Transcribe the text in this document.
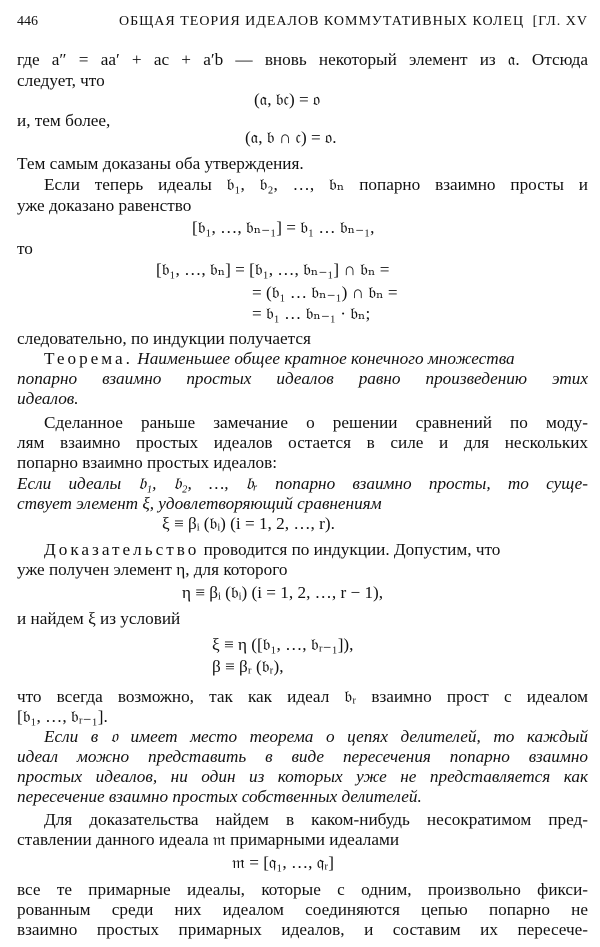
446	ОБЩАЯ ТЕОРИЯ ИДЕАЛОВ КОММУТАТИВНЫХ КОЛЕЦ [ГЛ. XV
где a″ = aa′ + ac + a′b — вновь некоторый элемент из 𝔞. Отсюда
следует, что
(𝔞, 𝔟𝔠) = 𝔬
и, тем более,
(𝔞, 𝔟 ∩ 𝔠) = 𝔬.
Тем самым доказаны оба утверждения.
Если теперь идеалы 𝔟₁, 𝔟₂, …, 𝔟ₙ попарно взаимно просты и
уже доказано равенство
[𝔟₁, …, 𝔟ₙ₋₁] = 𝔟₁ … 𝔟ₙ₋₁,
то
[𝔟₁, …, 𝔟ₙ] = [𝔟₁, …, 𝔟ₙ₋₁] ∩ 𝔟ₙ =
= (𝔟₁ … 𝔟ₙ₋₁) ∩ 𝔟ₙ =
= 𝔟₁ … 𝔟ₙ₋₁ · 𝔟ₙ;
следовательно, по индукции получается
Теорема. Наименьшее общее кратное конечного множества
попарно взаимно простых идеалов равно произведению этих
идеалов.
Сделанное раньше замечание о решении сравнений по моду-
лям взаимно простых идеалов остается в силе и для нескольких
попарно взаимно простых идеалов:
Если идеалы 𝔟₁, 𝔟₂, …, 𝔟ᵣ попарно взаимно просты, то суще-
ствует элемент ξ, удовлетворяющий сравнениям
ξ ≡ βᵢ (𝔟ᵢ) (i = 1, 2, …, r).
Доказательство проводится по индукции. Допустим, что
уже получен элемент η, для которого
η ≡ βᵢ (𝔟ᵢ) (i = 1, 2, …, r − 1),
и найдем ξ из условий
ξ ≡ η ([𝔟₁, …, 𝔟ᵣ₋₁]),
β ≡ βᵣ (𝔟ᵣ),
что всегда возможно, так как идеал 𝔟ᵣ взаимно прост с идеалом
[𝔟₁, …, 𝔟ᵣ₋₁].
Если в 𝔬 имеет место теорема о цепях делителей, то каждый
идеал можно представить в виде пересечения попарно взаимно
простых идеалов, ни один из которых уже не представляется как
пересечение взаимно простых собственных делителей.
Для доказательства найдем в каком-нибудь несократимом пред-
ставлении данного идеала 𝔪 примарными идеалами
𝔪 = [𝔮₁, …, 𝔮ᵣ]
все те примарные идеалы, которые с одним, произвольно фикси-
рованным среди них идеалом соединяются цепью попарно не
взаимно простых примарных идеалов, и составим их пересече-
